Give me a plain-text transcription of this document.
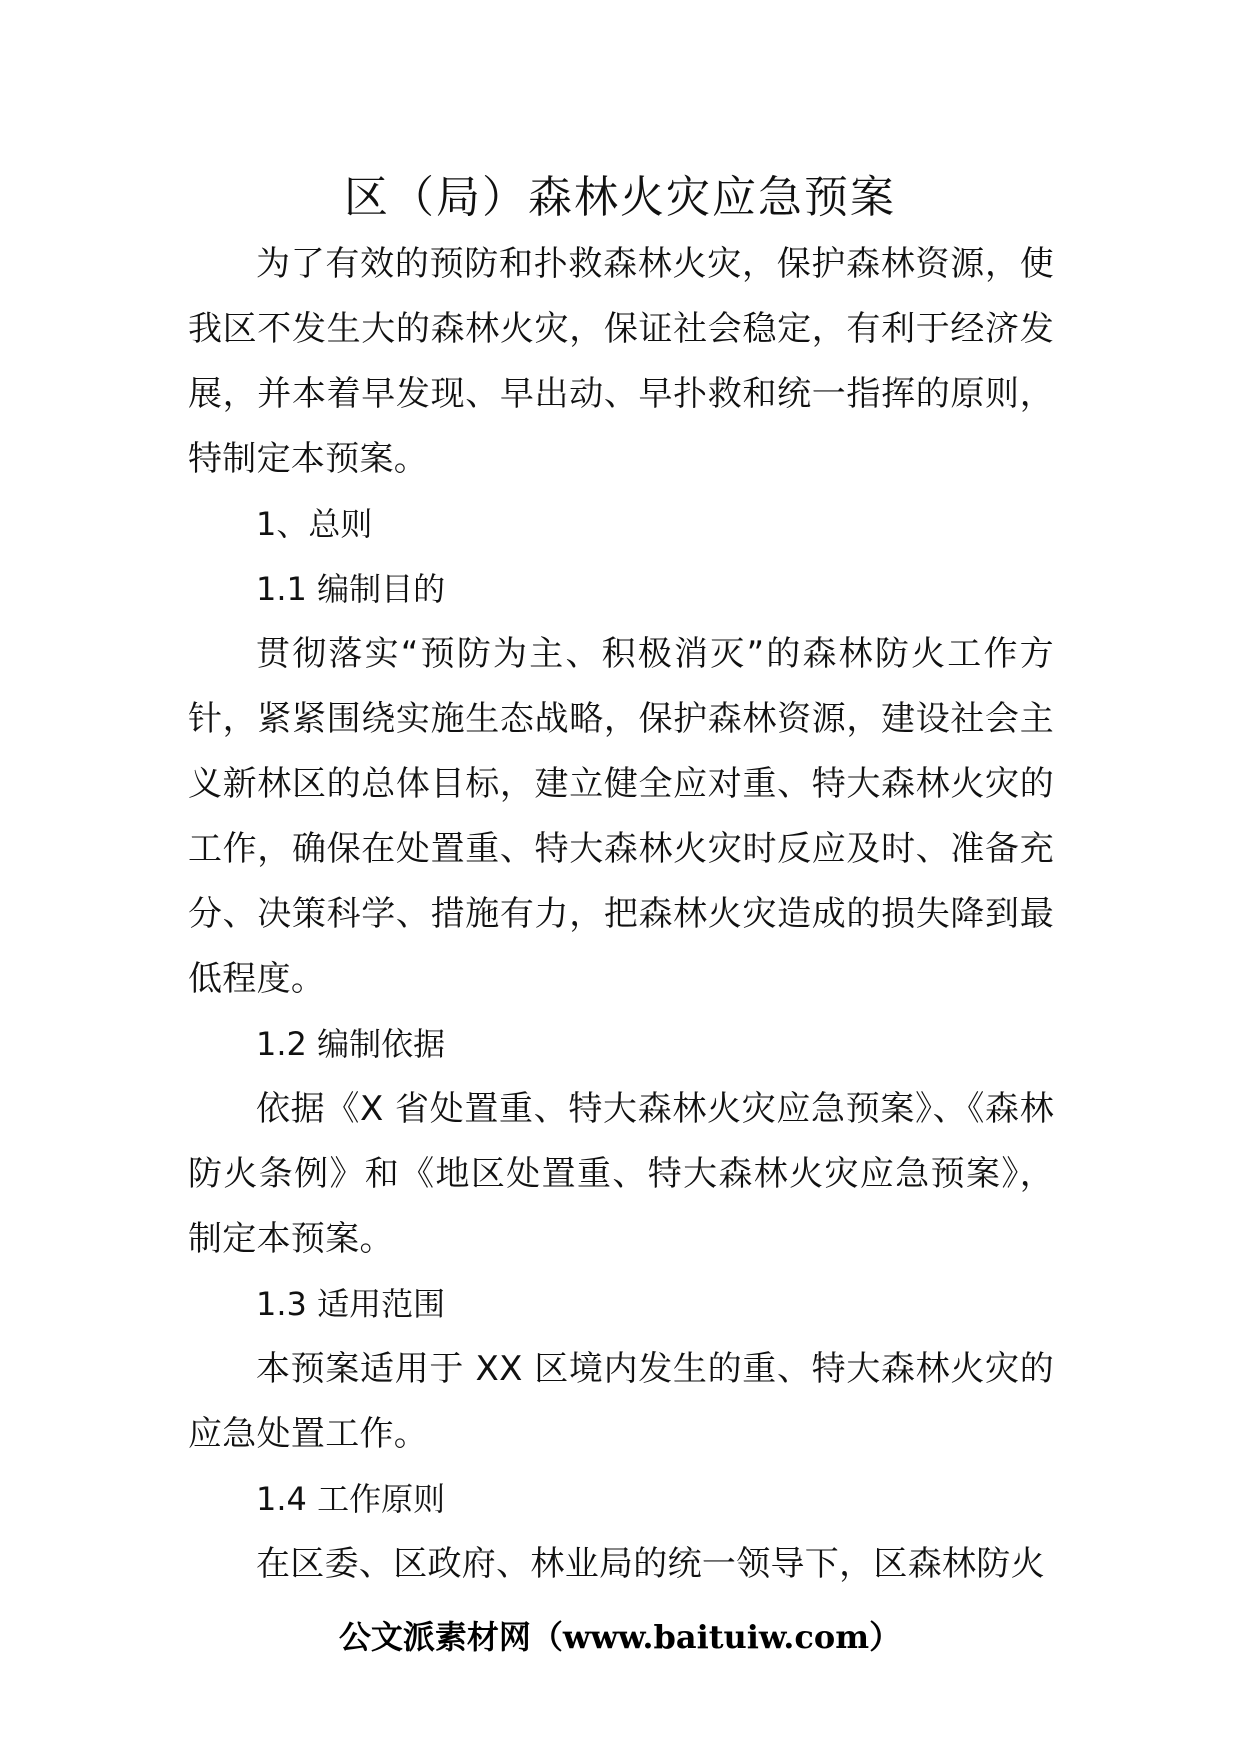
区（局）森林火灾应急预案

为了有效的预防和扑救森林火灾，保护森林资源，使我区不发生大的森林火灾，保证社会稳定，有利于经济发展，并本着早发现、早出动、早扑救和统一指挥的原则，特制定本预案。

1、总则

1.1 编制目的

贯彻落实“预防为主、积极消灭”的森林防火工作方针，紧紧围绕实施生态战略，保护森林资源，建设社会主义新林区的总体目标，建立健全应对重、特大森林火灾的工作，确保在处置重、特大森林火灾时反应及时、准备充分、决策科学、措施有力，把森林火灾造成的损失降到最低程度。

1.2 编制依据

依据《X 省处置重、特大森林火灾应急预案》、《森林防火条例》和《地区处置重、特大森林火灾应急预案》，制定本预案。

1.3 适用范围

本预案适用于 XX 区境内发生的重、特大森林火灾的应急处置工作。

1.4 工作原则

在区委、区政府、林业局的统一领导下，区森林防火

公文派素材网（www.baituiw.com）
